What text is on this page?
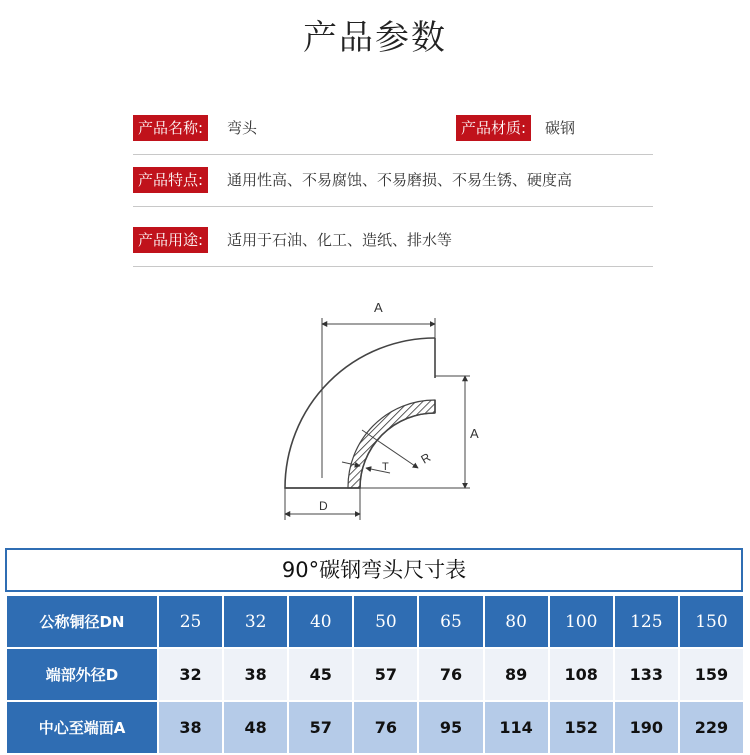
产品参数
产品名称:	弯头	产品材质:	碳钢
产品特点:	通用性高、不易腐蚀、不易磨损、不易生锈、硬度高
产品用途:	适用于石油、化工、造纸、排水等
A
A
R
T
D
90°碳钢弯头尺寸表
公称铜径DN	25	32	40	50	65	80	100	125	150
端部外径D	32	38	45	57	76	89	108	133	159
中心至端面A	38	48	57	76	95	114	152	190	229
